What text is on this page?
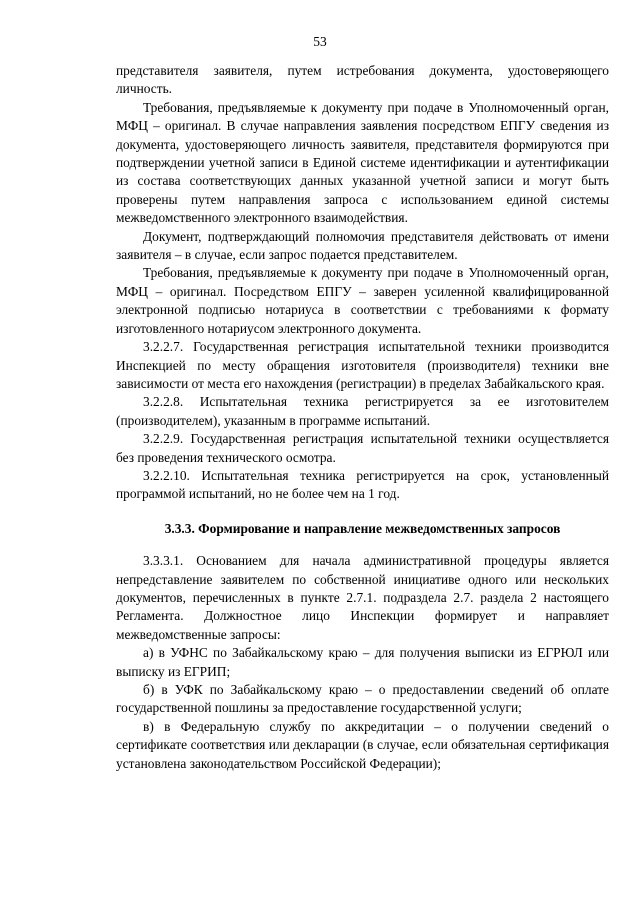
53

представителя заявителя, путем истребования документа, удостоверяющего личность.

Требования, предъявляемые к документу при подаче в Уполномоченный орган, МФЦ – оригинал. В случае направления заявления посредством ЕПГУ сведения из документа, удостоверяющего личность заявителя, представителя формируются при подтверждении учетной записи в Единой системе идентификации и аутентификации из состава соответствующих данных указанной учетной записи и могут быть проверены путем направления запроса с использованием единой системы межведомственного электронного взаимодействия.

Документ, подтверждающий полномочия представителя действовать от имени заявителя – в случае, если запрос подается представителем.

Требования, предъявляемые к документу при подаче в Уполномоченный орган, МФЦ – оригинал. Посредством ЕПГУ – заверен усиленной квалифицированной электронной подписью нотариуса в соответствии с требованиями к формату изготовленного нотариусом электронного документа.

3.2.2.7. Государственная регистрация испытательной техники производится Инспекцией по месту обращения изготовителя (производителя) техники вне зависимости от места его нахождения (регистрации) в пределах Забайкальского края.

3.2.2.8. Испытательная техника регистрируется за ее изготовителем (производителем), указанным в программе испытаний.

3.2.2.9. Государственная регистрация испытательной техники осуществляется без проведения технического осмотра.

3.2.2.10. Испытательная техника регистрируется на срок, установленный программой испытаний, но не более чем на 1 год.

3.3.3. Формирование и направление межведомственных запросов

3.3.3.1. Основанием для начала административной процедуры является непредставление заявителем по собственной инициативе одного или нескольких документов, перечисленных в пункте 2.7.1. подраздела 2.7. раздела 2 настоящего Регламента. Должностное лицо Инспекции формирует и направляет межведомственные запросы:

а) в УФНС по Забайкальскому краю – для получения выписки из ЕГРЮЛ или выписку из ЕГРИП;

б) в УФК по Забайкальскому краю – о предоставлении сведений об оплате государственной пошлины за предоставление государственной услуги;

в) в Федеральную службу по аккредитации – о получении сведений о сертификате соответствия или декларации (в случае, если обязательная сертификация установлена законодательством Российской Федерации);
